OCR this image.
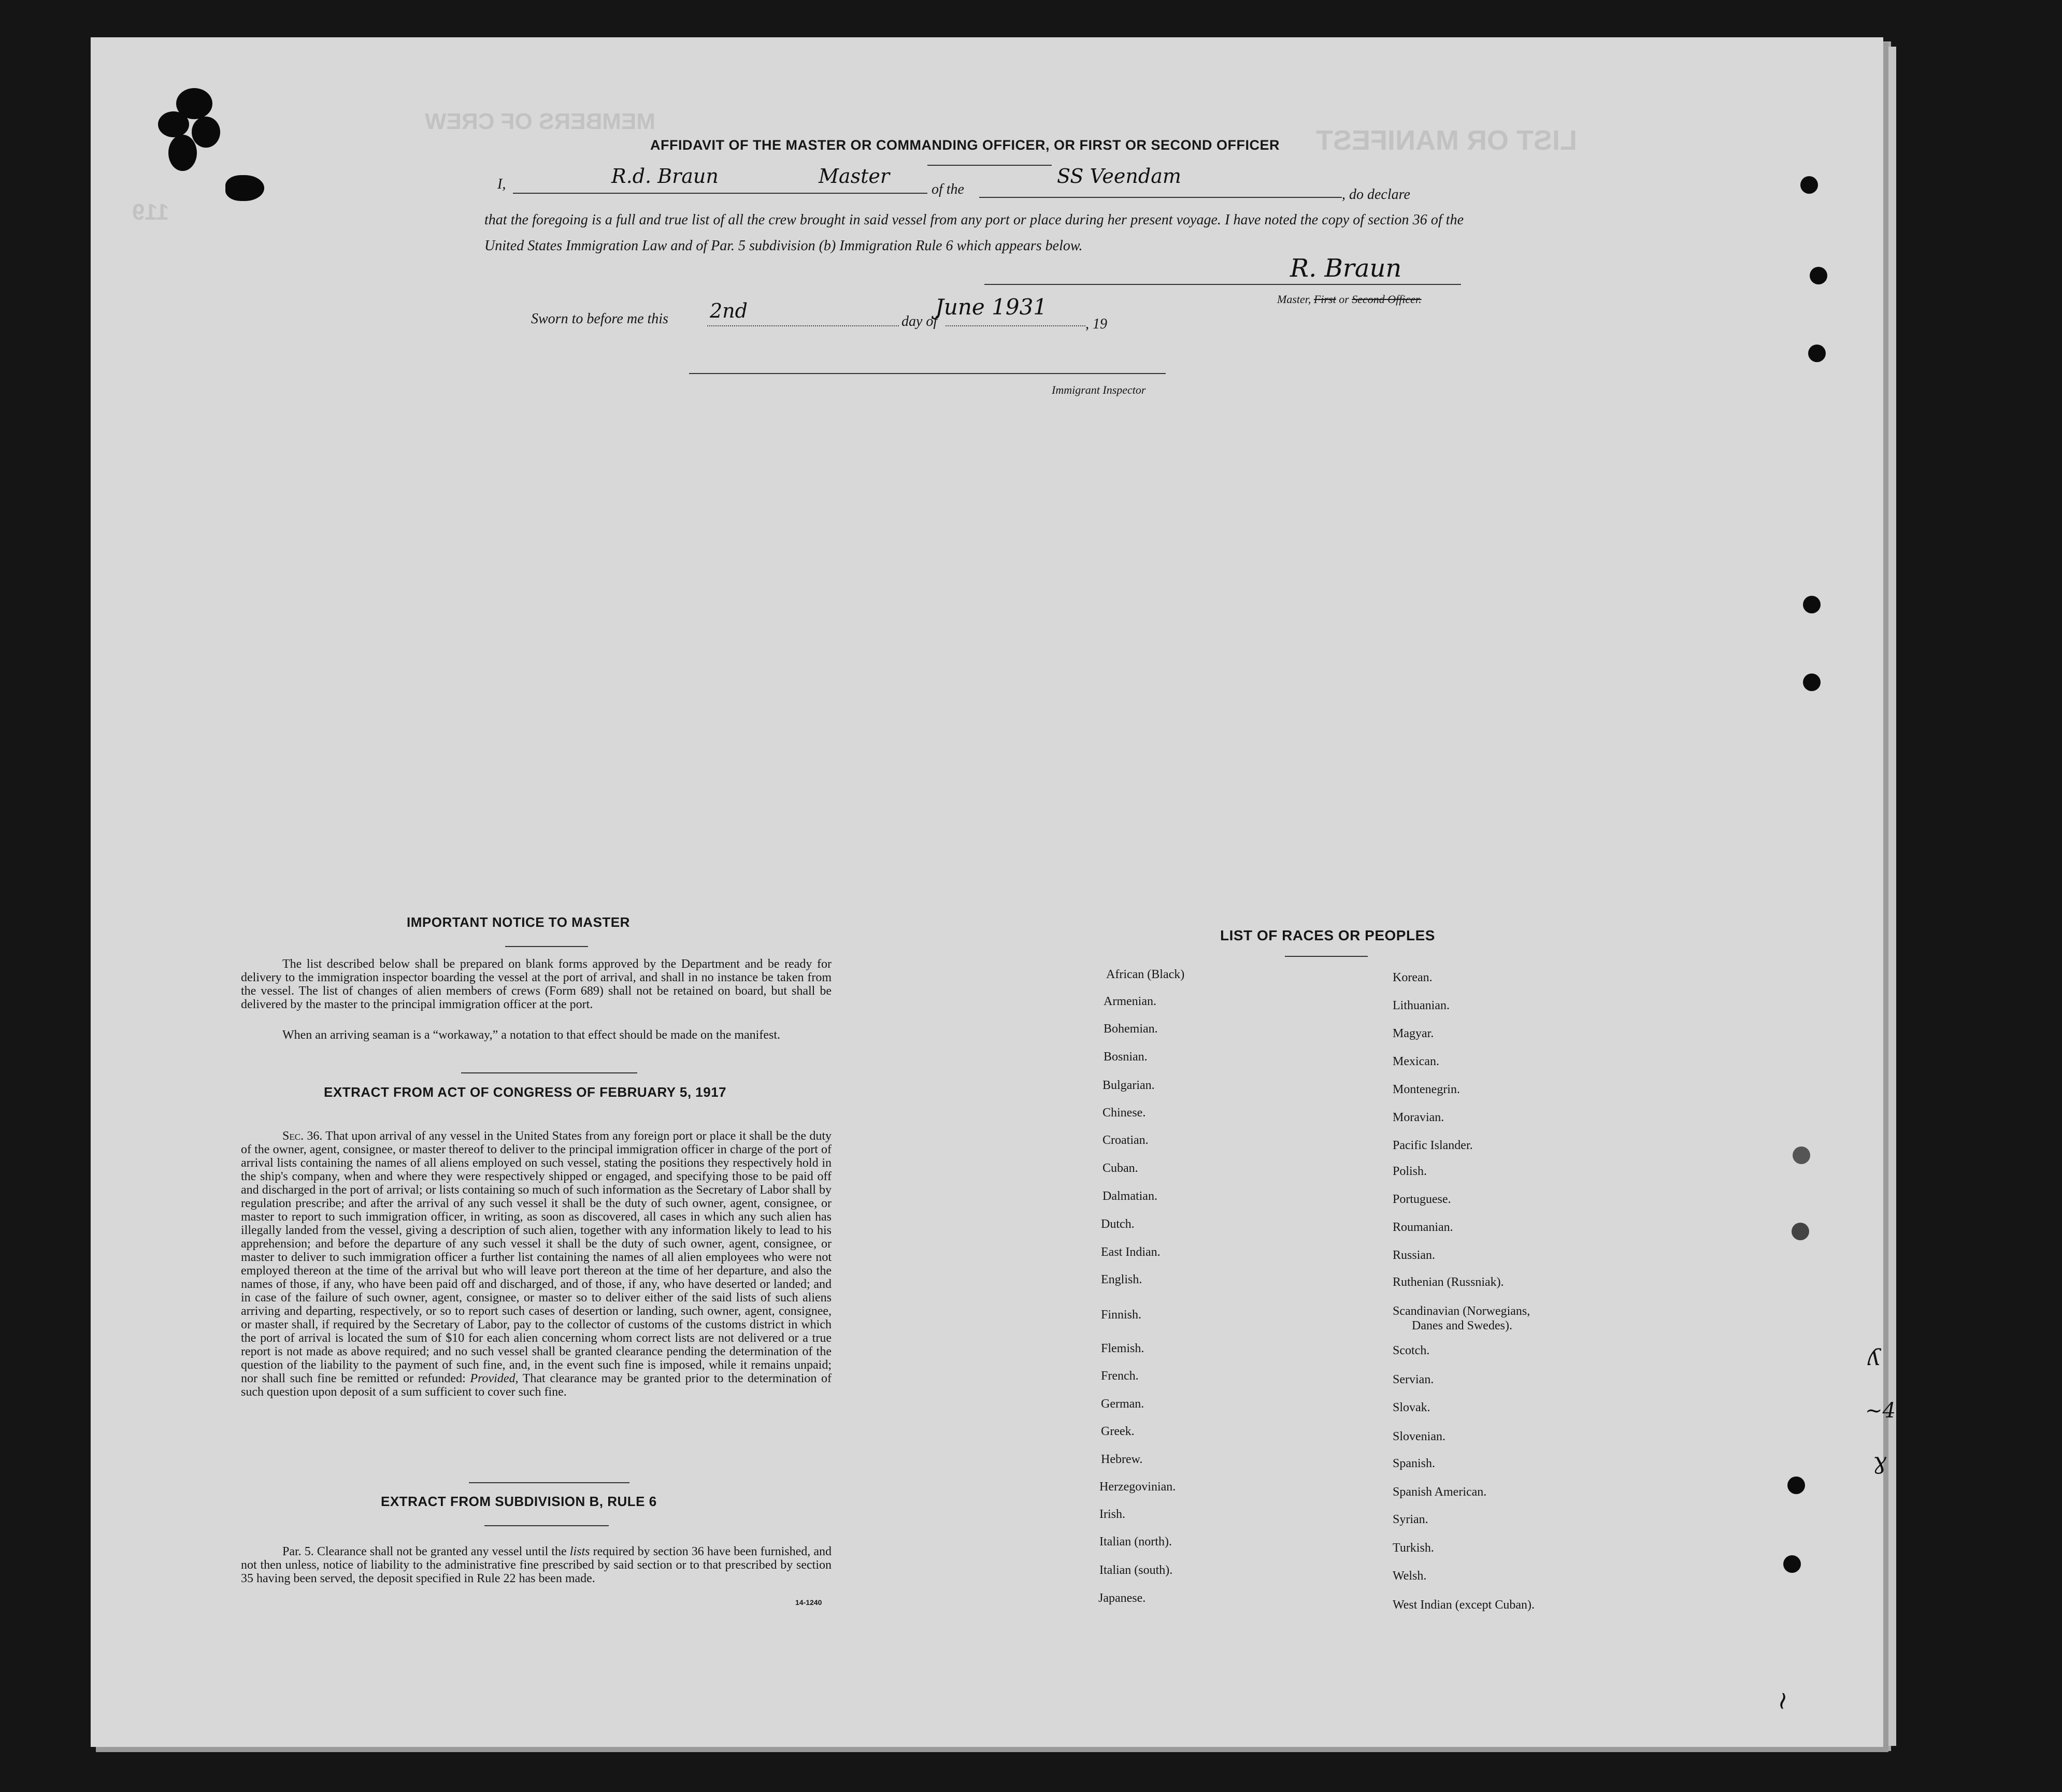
LIST OR MANIFEST
MEMBERS OF CREW
119
AFFIDAVIT OF THE MASTER OR COMMANDING OFFICER, OR FIRST OR SECOND OFFICER
I,	R.d. Braun	Master
of the
SS Veendam
, do declare
that the foregoing is a full and true list of all the crew brought in said vessel from any port or place during her present voyage. I have noted the copy of section 36 of the United States Immigration Law and of Par. 5 subdivision (b) Immigration Rule 6 which appears below.
R. Braun
Master, First or Second Officer.
Sworn to before me this 2nd	day of
June 1931
, 19
Immigrant Inspector
IMPORTANT NOTICE TO MASTER
The list described below shall be prepared on blank forms approved by the Department and be ready for delivery to the immigration inspector boarding the vessel at the port of arrival, and shall in no instance be taken from the vessel. The list of changes of alien members of crews (Form 689) shall not be retained on board, but shall be delivered by the master to the principal immigration officer at the port.
When an arriving seaman is a “workaway,” a notation to that effect should be made on the manifest.
EXTRACT FROM ACT OF CONGRESS OF FEBRUARY 5, 1917
Sec. 36. That upon arrival of any vessel in the United States from any foreign port or place it shall be the duty of the owner, agent, consignee, or master thereof to deliver to the principal immigration officer in charge of the port of arrival lists containing the names of all aliens employed on such vessel, stating the positions they respectively hold in the ship's company, when and where they were respectively shipped or engaged, and specifying those to be paid off and discharged in the port of arrival; or lists containing so much of such information as the Secretary of Labor shall by regulation prescribe; and after the arrival of any such vessel it shall be the duty of such owner, agent, consignee, or master to report to such immigration officer, in writing, as soon as discovered, all cases in which any such alien has illegally landed from the vessel, giving a description of such alien, together with any information likely to lead to his apprehension; and before the departure of any such vessel it shall be the duty of such owner, agent, consignee, or master to deliver to such immigration officer a further list containing the names of all alien employees who were not employed thereon at the time of the arrival but who will leave port thereon at the time of her departure, and also the names of those, if any, who have been paid off and discharged, and of those, if any, who have deserted or landed; and in case of the failure of such owner, agent, consignee, or master so to deliver either of the said lists of such aliens arriving and departing, respectively, or so to report such cases of desertion or landing, such owner, agent, consignee, or master shall, if required by the Secretary of Labor, pay to the collector of customs of the customs district in which the port of arrival is located the sum of $10 for each alien concerning whom correct lists are not delivered or a true report is not made as above required; and no such vessel shall be granted clearance pending the determination of the question of the liability to the payment of such fine, and, in the event such fine is imposed, while it remains unpaid; nor shall such fine be remitted or refunded: Provided, That clearance may be granted prior to the determination of such question upon deposit of a sum sufficient to cover such fine.
EXTRACT FROM SUBDIVISION B, RULE 6
Par. 5. Clearance shall not be granted any vessel until the lists required by section 36 have been furnished, and not then unless, notice of liability to the administrative fine prescribed by said section or to that prescribed by section 35 having been served, the deposit specified in Rule 22 has been made.
14-1240
LIST OF RACES OR PEOPLES
African (Black)
Armenian.
Bohemian.
Bosnian.
Bulgarian.
Chinese.
Croatian.
Cuban.
Dalmatian.
Dutch.
East Indian.
English.
Finnish.
Flemish.
French.
German.
Greek.
Hebrew.
Herzegovinian.
Irish.
Italian (north).
Italian (south).
Japanese.
Korean.
Lithuanian.
Magyar.
Mexican.
Montenegrin.
Moravian.
Pacific Islander.
Polish.
Portuguese.
Roumanian.
Russian.
Ruthenian (Russniak).
Scandinavian (Norwegians,
Danes and Swedes).
Scotch.
Servian.
Slovak.
Slovenian.
Spanish.
Spanish American.
Syrian.
Turkish.
Welsh.
West Indian (except Cuban).
ʎ
~4
ɣ
~
